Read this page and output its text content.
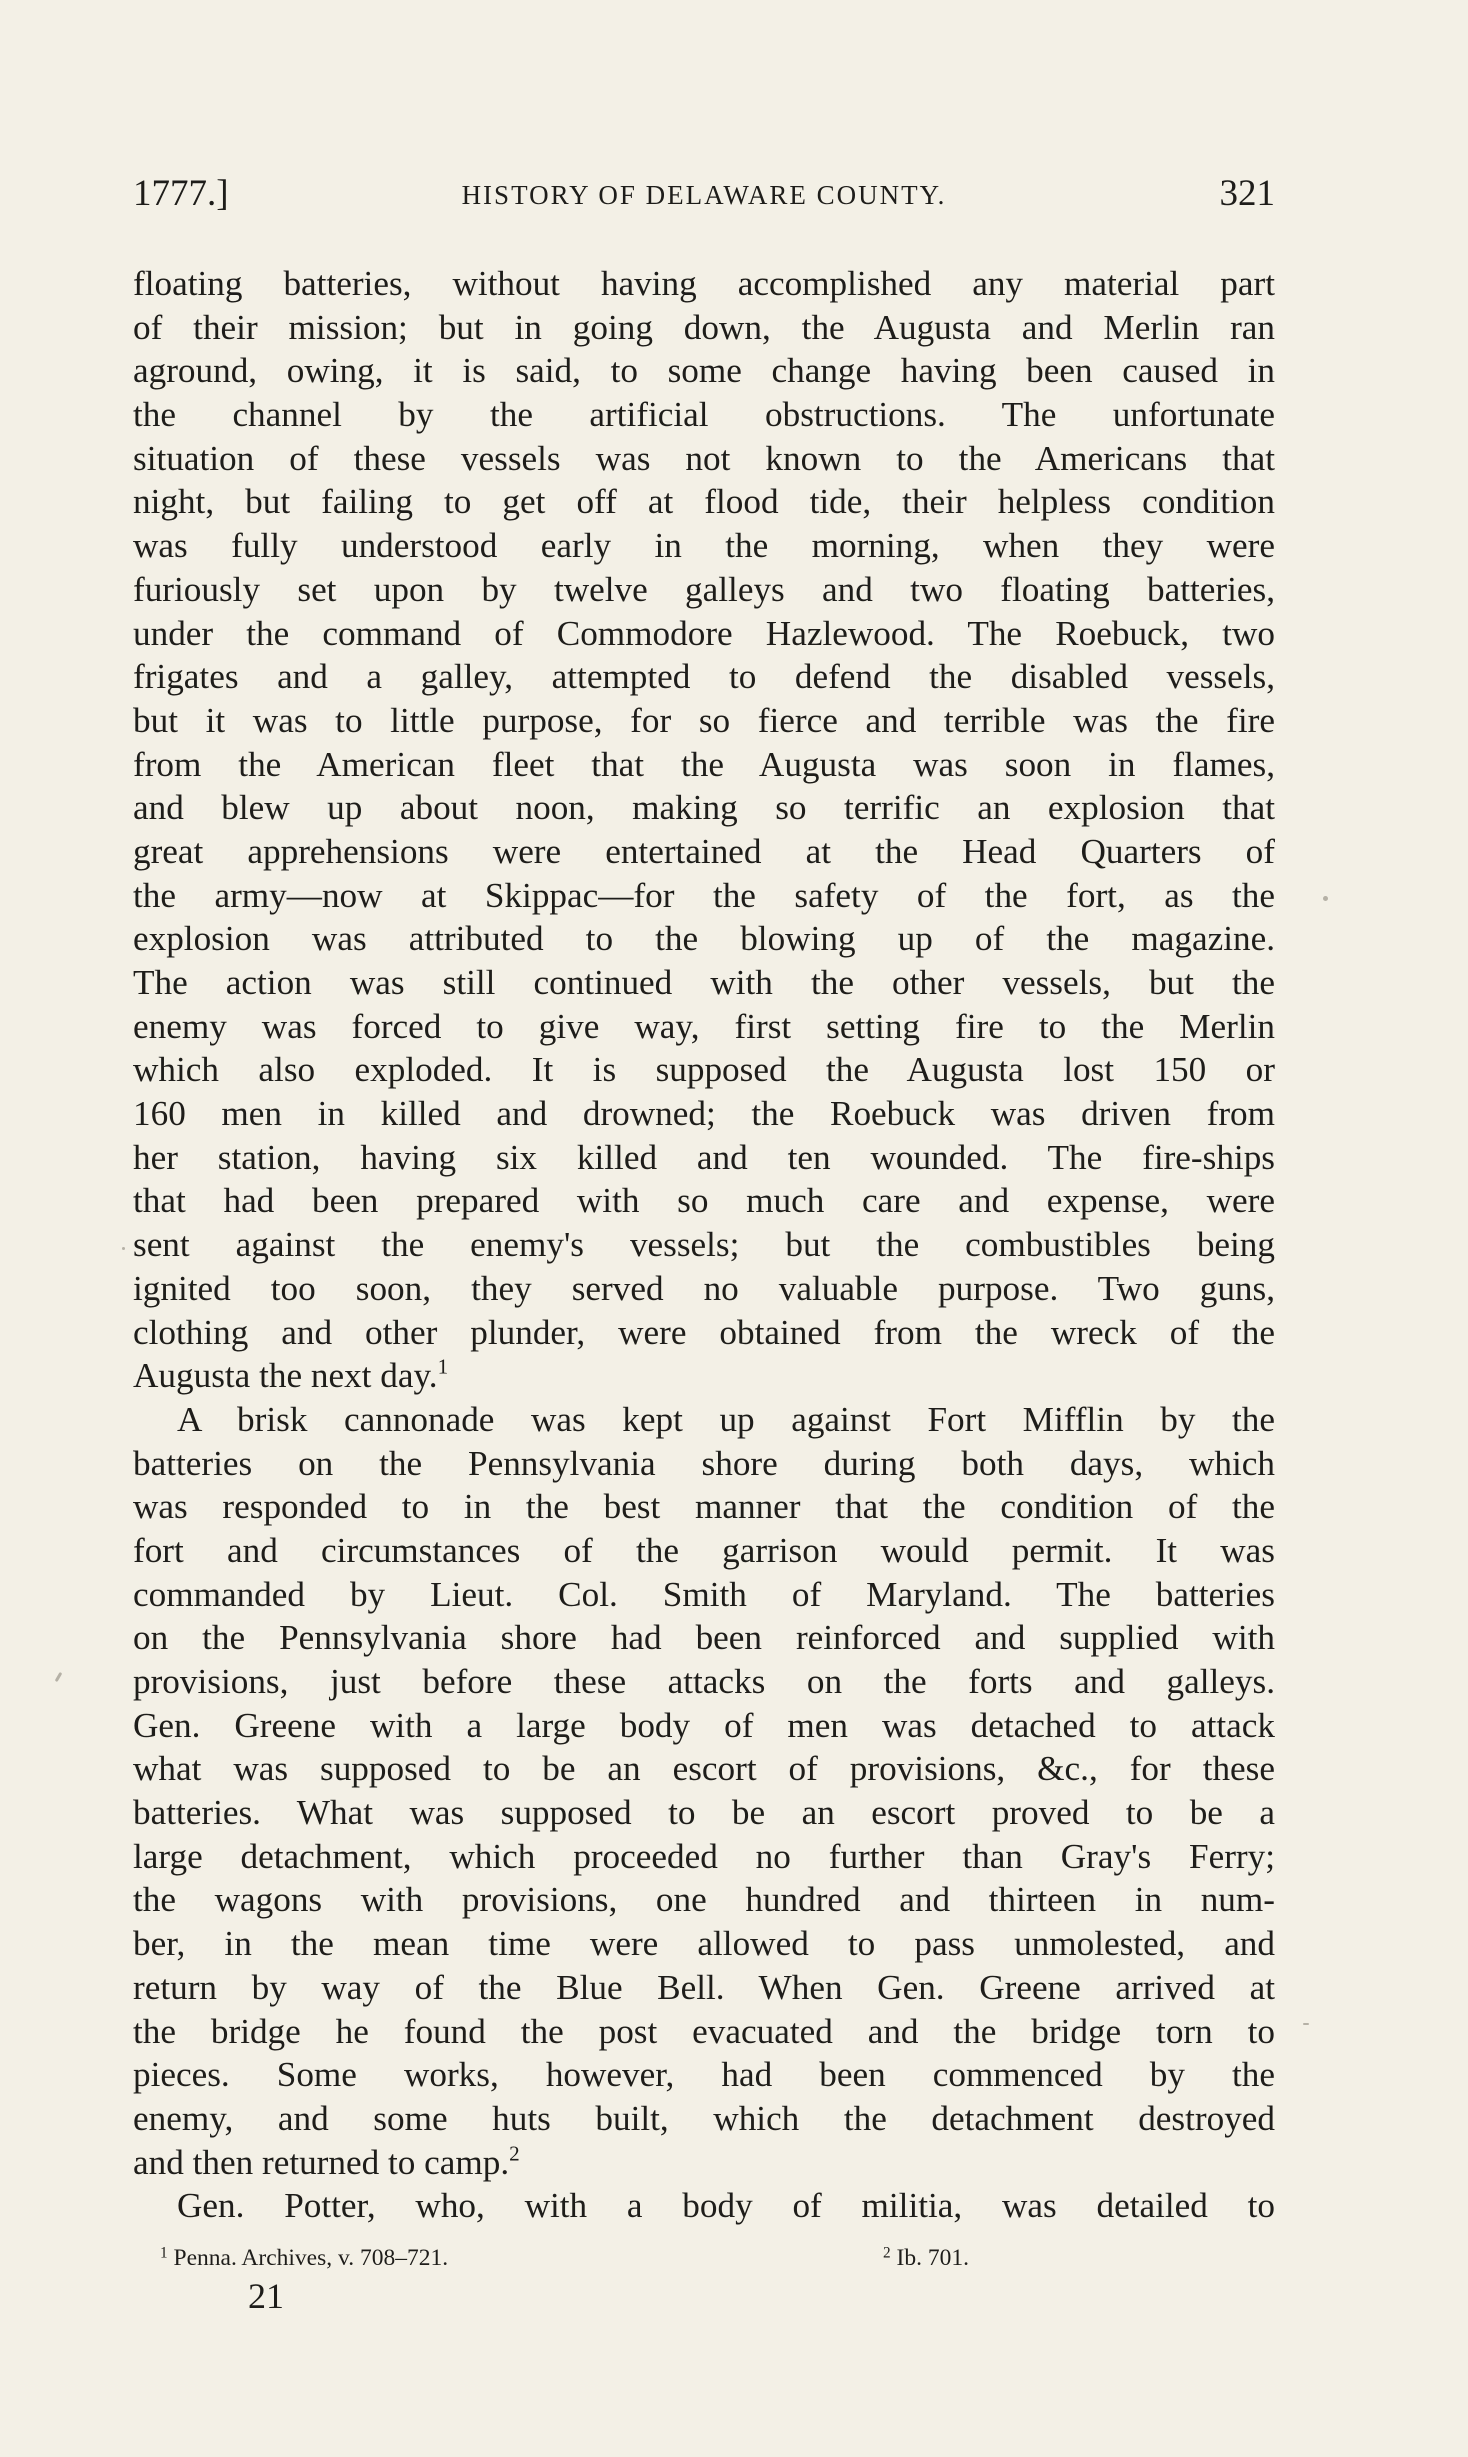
1777.]	HISTORY OF DELAWARE COUNTY.	321
floating batteries, without having accomplished any material part
of their mission; but in going down, the Augusta and Merlin ran
aground, owing, it is said, to some change having been caused in
the channel by the artificial obstructions. The unfortunate
situation of these vessels was not known to the Americans that
night, but failing to get off at flood tide, their helpless condition
was fully understood early in the morning, when they were
furiously set upon by twelve galleys and two floating batteries,
under the command of Commodore Hazlewood. The Roebuck, two
frigates and a galley, attempted to defend the disabled vessels,
but it was to little purpose, for so fierce and terrible was the fire
from the American fleet that the Augusta was soon in flames,
and blew up about noon, making so terrific an explosion that
great apprehensions were entertained at the Head Quarters of
the army—now at Skippac—for the safety of the fort, as the
explosion was attributed to the blowing up of the magazine.
The action was still continued with the other vessels, but the
enemy was forced to give way, first setting fire to the Merlin
which also exploded. It is supposed the Augusta lost 150 or
160 men in killed and drowned; the Roebuck was driven from
her station, having six killed and ten wounded. The fire-ships
that had been prepared with so much care and expense, were
sent against the enemy's vessels; but the combustibles being
ignited too soon, they served no valuable purpose. Two guns,
clothing and other plunder, were obtained from the wreck of the
Augusta the next day.$^1$
A brisk cannonade was kept up against Fort Mifflin by the
batteries on the Pennsylvania shore during both days, which
was responded to in the best manner that the condition of the
fort and circumstances of the garrison would permit. It was
commanded by Lieut. Col. Smith of Maryland. The batteries
on the Pennsylvania shore had been reinforced and supplied with
provisions, just before these attacks on the forts and galleys.
Gen. Greene with a large body of men was detached to attack
what was supposed to be an escort of provisions, &c., for these
batteries. What was supposed to be an escort proved to be a
large detachment, which proceeded no further than Gray's Ferry;
the wagons with provisions, one hundred and thirteen in num-
ber, in the mean time were allowed to pass unmolested, and
return by way of the Blue Bell. When Gen. Greene arrived at
the bridge he found the post evacuated and the bridge torn to
pieces. Some works, however, had been commenced by the
enemy, and some huts built, which the detachment destroyed
and then returned to camp.$^2$
Gen. Potter, who, with a body of militia, was detailed to
$^1$ Penna. Archives, v. 708–721.	$^2$ Ib. 701.
21
